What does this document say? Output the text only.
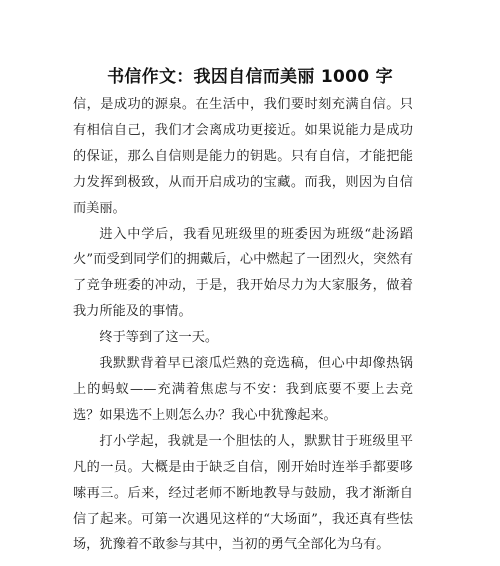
书信作文：我因自信而美丽 1000 字

信，是成功的源泉。在生活中，我们要时刻充满自信。只有相信自己，我们才会离成功更接近。如果说能力是成功的保证，那么自信则是能力的钥匙。只有自信，才能把能力发挥到极致，从而开启成功的宝藏。而我，则因为自信而美丽。

进入中学后，我看见班级里的班委因为班级“赴汤蹈火”而受到同学们的拥戴后，心中燃起了一团烈火，突然有了竞争班委的冲动，于是，我开始尽力为大家服务，做着我力所能及的事情。

终于等到了这一天。

我默默背着早已滚瓜烂熟的竞选稿，但心中却像热锅上的蚂蚁——充满着焦虑与不安：我到底要不要上去竞选？如果选不上则怎么办？我心中犹豫起来。

打小学起，我就是一个胆怯的人，默默甘于班级里平凡的一员。大概是由于缺乏自信，刚开始时连举手都要哆嗦再三。后来，经过老师不断地教导与鼓励，我才渐渐自信了起来。可第一次遇见这样的“大场面”，我还真有些怯场，犹豫着不敢参与其中，当初的勇气全部化为乌有。
